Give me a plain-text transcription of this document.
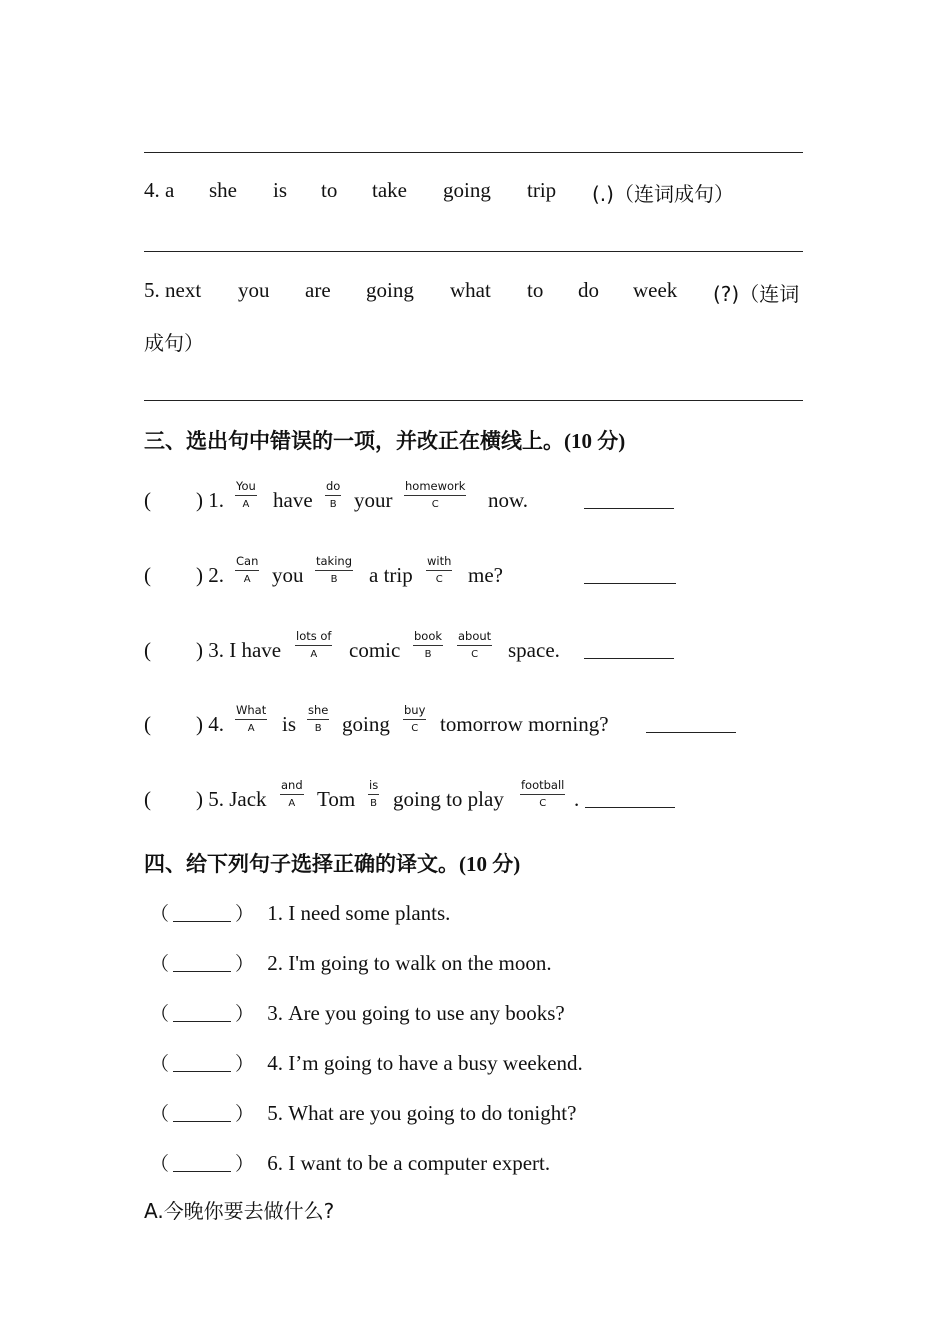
4. a she is to take going trip (.)（连词成句）
5. next you are going what to do week (?)（连词
成句）
三、选出句中错误的一项，并改正在横线上。(10 分)
( ) 1.
You
A have
do
B your
homework
C now.
( ) 2.
Can
A you
taking
B a trip
with
C me?
( ) 3. I have
lots of
A comic
book
B
about
C space.
( ) 4.
What
A is
she
B going
buy
C tomorrow morning?
( ) 5. Jack
and
A Tom
is
B going to play
football
C .
四、给下列句子选择正确的译文。(10 分)
（	） 1. I need some plants.
（	） 2. I'm going to walk on the moon.
（	） 3. Are you going to use any books?
（	） 4. I’m going to have a busy weekend.
（	） 5. What are you going to do tonight?
（	） 6. I want to be a computer expert.
A.今晚你要去做什么?
